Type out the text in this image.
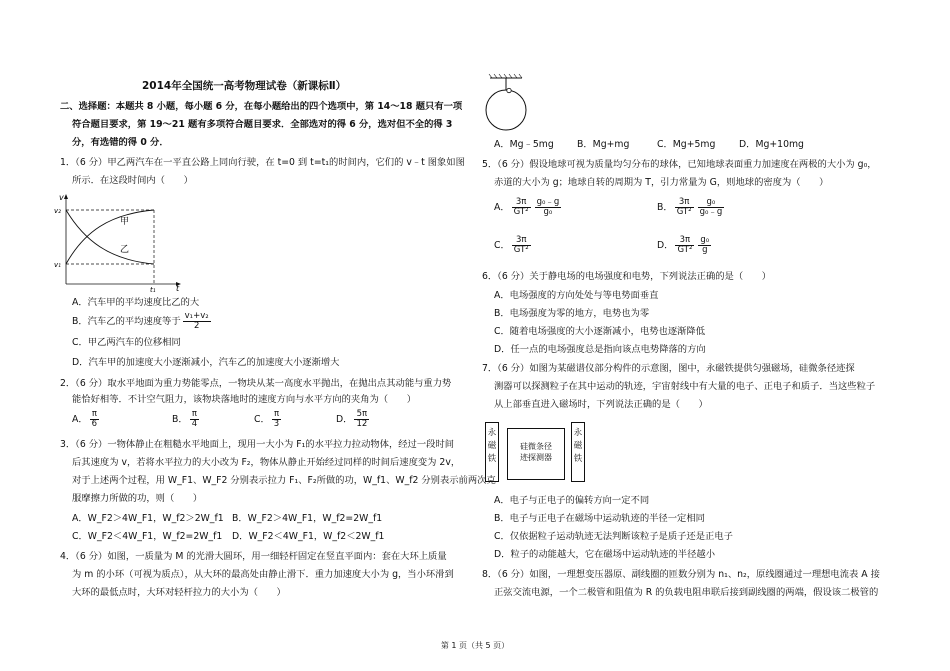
2014年全国统一高考物理试卷（新课标Ⅱ）
二、选择题：本题共 8 小题，每小题 6 分，在每小题给出的四个选项中，第 14～18 题只有一项
符合题目要求，第 19～21 题有多项符合题目要求．全部选对的得 6 分，选对但不全的得 3
分，有选错的得 0 分．
1．（6 分）甲乙两汽车在一平直公路上同向行驶，在 t=0 到 t=t₁的时间内，它们的 v﹣t 图象如图
所示．在这段时间内（　　）
v
v₂
v₁
t
t₁
甲
乙
A．汽车甲的平均速度比乙的大
B．汽车乙的平均速度等于 $\frac{\text{v₁+v₂}}{2}$
C．甲乙两汽车的位移相同
D．汽车甲的加速度大小逐渐减小，汽车乙的加速度大小逐渐增大
2．（6 分）取水平地面为重力势能零点，一物块从某一高度水平抛出，在抛出点其动能与重力势
能恰好相等．不计空气阻力，该物块落地时的速度方向与水平方向的夹角为（　　）
A． $\frac{\pi}{6}$	B． $\frac{\pi}{4}$	C． $\frac{\pi}{3}$	D． $\frac{5\pi}{12}$
3．（6 分）一物体静止在粗糙水平地面上，现用一大小为 F₁的水平拉力拉动物体，经过一段时间
后其速度为 v，若将水平拉力的大小改为 F₂，物体从静止开始经过同样的时间后速度变为 2v，
对于上述两个过程，用 W_F1、W_F2 分别表示拉力 F₁、F₂所做的功，W_f1、W_f2 分别表示前两次克
服摩擦力所做的功，则（　　）
A．W_F2＞4W_F1，W_f2＞2W_f1 B．W_F2＞4W_F1，W_f2=2W_f1
C．W_F2＜4W_F1，W_f2=2W_f1 D．W_F2＜4W_F1，W_f2＜2W_f1
4．（6 分）如图，一质量为 M 的光滑大圆环，用一细轻杆固定在竖直平面内：套在大环上质量
为 m 的小环（可视为质点），从大环的最高处由静止滑下．重力加速度大小为 g，当小环滑到
大环的最低点时，大环对轻杆拉力的大小为（　　）
A．Mg﹣5mg	B．Mg+mg	C．Mg+5mg	D．Mg+10mg
5．（6 分）假设地球可视为质量均匀分布的球体，已知地球表面重力加速度在两极的大小为 g₀，
赤道的大小为 g；地球自转的周期为 T，引力常量为 G，则地球的密度为（　　）
A． $\frac{3\pi}{\text{GT²}} \frac{\text{g₀﹣g}}{\text{g₀}}$	B． $\frac{3\pi}{\text{GT²}} \frac{\text{g₀}}{\text{g₀﹣g}}$
C． $\frac{3\pi}{\text{GT²}}$	D． $\frac{3\pi}{\text{GT²}} \frac{\text{g₀}}{g}$
6．（6 分）关于静电场的电场强度和电势，下列说法正确的是（　　）
A．电场强度的方向处处与等电势面垂直
B．电场强度为零的地方，电势也为零
C．随着电场强度的大小逐渐减小，电势也逐渐降低
D．任一点的电场强度总是指向该点电势降落的方向
7．（6 分）如图为某磁谱仪部分构件的示意图，图中，永磁铁提供匀强磁场，硅微条径迹探
测器可以探测粒子在其中运动的轨迹，宇宙射线中有大量的电子、正电子和质子．当这些粒子
从上部垂直进入磁场时，下列说法正确的是（　　）
永
磁
铁
硅微条径
迹探测器
永
磁
铁
A．电子与正电子的偏转方向一定不同
B．电子与正电子在磁场中运动轨迹的半径一定相同
C．仅依据粒子运动轨迹无法判断该粒子是质子还是正电子
D．粒子的动能越大，它在磁场中运动轨迹的半径越小
8．（6 分）如图，一理想变压器原、副线圈的匝数分别为 n₁、n₂，原线圈通过一理想电流表 A 接
正弦交流电源，一个二极管和阻值为 R 的负载电阻串联后接到副线圈的两端，假设该二极管的
第 1 页（共 5 页）
